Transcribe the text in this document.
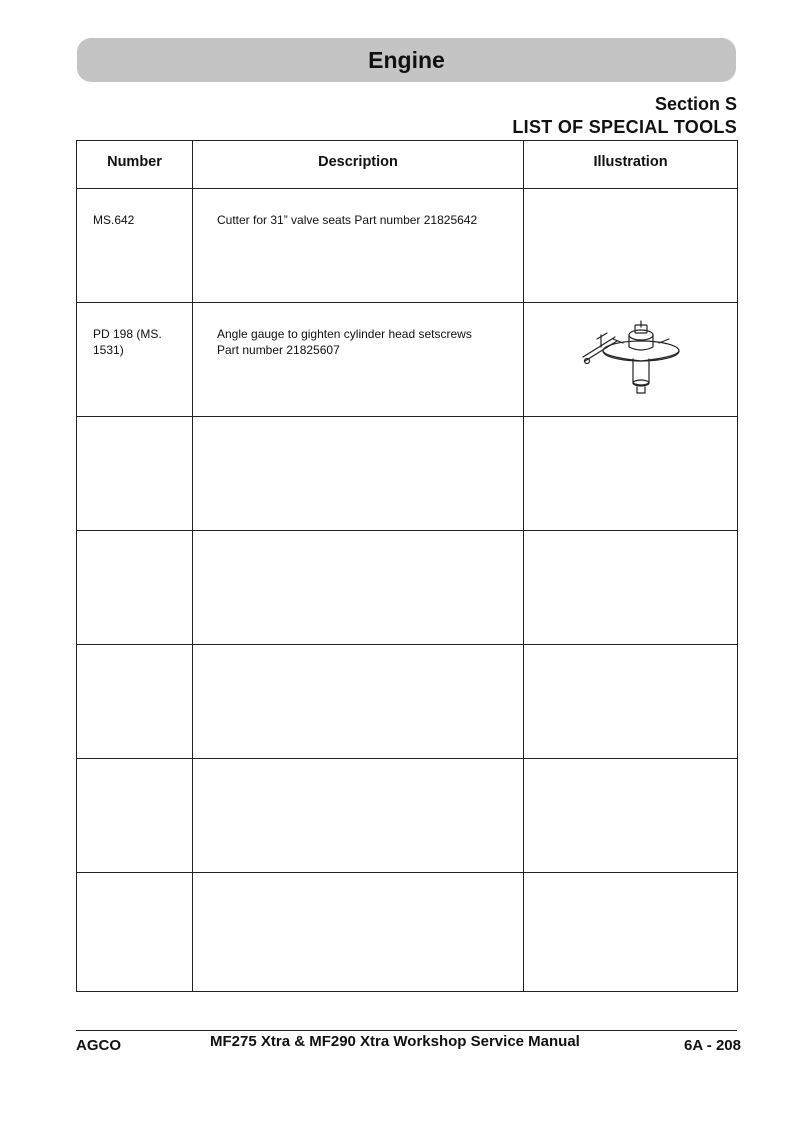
Engine
Section S
LIST OF SPECIAL TOOLS
Number	Description	Illustration

MS.642	Cutter for 31” valve seats Part number 21825642	

PD 198 (MS. 1531)	Angle gauge to gighten cylinder head setscrews
Part number 21825607

AGCO	MF275 Xtra & MF290 Xtra Workshop Service Manual	6A - 208
